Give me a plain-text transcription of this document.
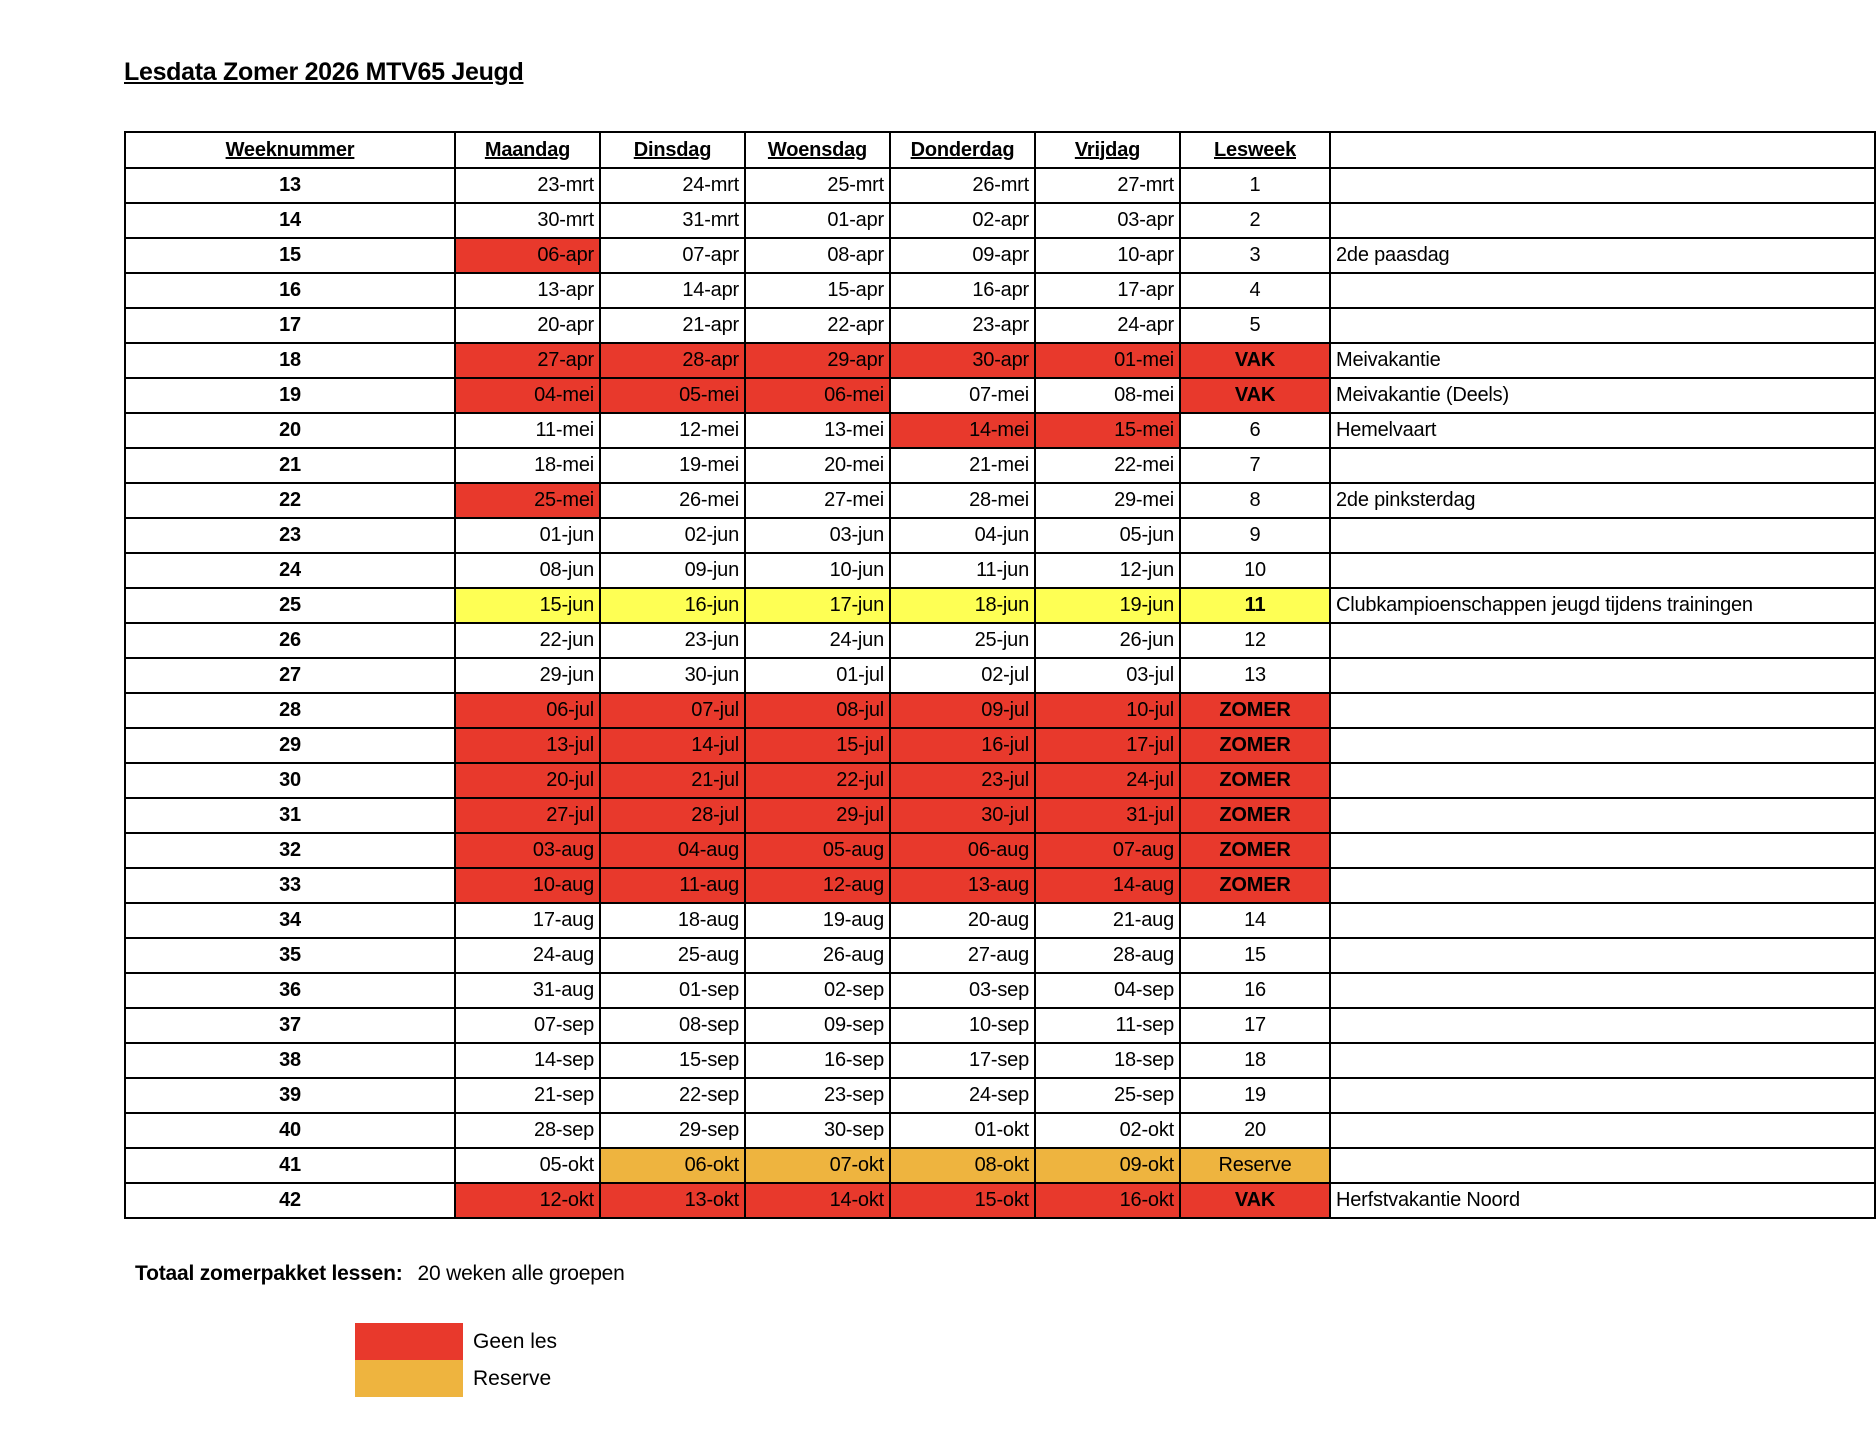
Lesdata Zomer 2026 MTV65 Jeugd
Weeknummer	Maandag	Dinsdag	Woensdag	Donderdag	Vrijdag	Lesweek	
13	23-mrt	24-mrt	25-mrt	26-mrt	27-mrt	1	
14	30-mrt	31-mrt	01-apr	02-apr	03-apr	2	
15	06-apr	07-apr	08-apr	09-apr	10-apr	3	2de paasdag
16	13-apr	14-apr	15-apr	16-apr	17-apr	4	
17	20-apr	21-apr	22-apr	23-apr	24-apr	5	
18	27-apr	28-apr	29-apr	30-apr	01-mei	VAK	Meivakantie
19	04-mei	05-mei	06-mei	07-mei	08-mei	VAK	Meivakantie (Deels)
20	11-mei	12-mei	13-mei	14-mei	15-mei	6	Hemelvaart
21	18-mei	19-mei	20-mei	21-mei	22-mei	7	
22	25-mei	26-mei	27-mei	28-mei	29-mei	8	2de pinksterdag
23	01-jun	02-jun	03-jun	04-jun	05-jun	9	
24	08-jun	09-jun	10-jun	11-jun	12-jun	10	
25	15-jun	16-jun	17-jun	18-jun	19-jun	11	Clubkampioenschappen jeugd tijdens trainingen
26	22-jun	23-jun	24-jun	25-jun	26-jun	12	
27	29-jun	30-jun	01-jul	02-jul	03-jul	13	
28	06-jul	07-jul	08-jul	09-jul	10-jul	ZOMER	
29	13-jul	14-jul	15-jul	16-jul	17-jul	ZOMER	
30	20-jul	21-jul	22-jul	23-jul	24-jul	ZOMER	
31	27-jul	28-jul	29-jul	30-jul	31-jul	ZOMER	
32	03-aug	04-aug	05-aug	06-aug	07-aug	ZOMER	
33	10-aug	11-aug	12-aug	13-aug	14-aug	ZOMER	
34	17-aug	18-aug	19-aug	20-aug	21-aug	14	
35	24-aug	25-aug	26-aug	27-aug	28-aug	15	
36	31-aug	01-sep	02-sep	03-sep	04-sep	16	
37	07-sep	08-sep	09-sep	10-sep	11-sep	17	
38	14-sep	15-sep	16-sep	17-sep	18-sep	18	
39	21-sep	22-sep	23-sep	24-sep	25-sep	19	
40	28-sep	29-sep	30-sep	01-okt	02-okt	20	
41	05-okt	06-okt	07-okt	08-okt	09-okt	Reserve	
42	12-okt	13-okt	14-okt	15-okt	16-okt	VAK	Herfstvakantie Noord
Totaal zomerpakket lessen: 20 weken alle groepen
Geen les
Reserve
